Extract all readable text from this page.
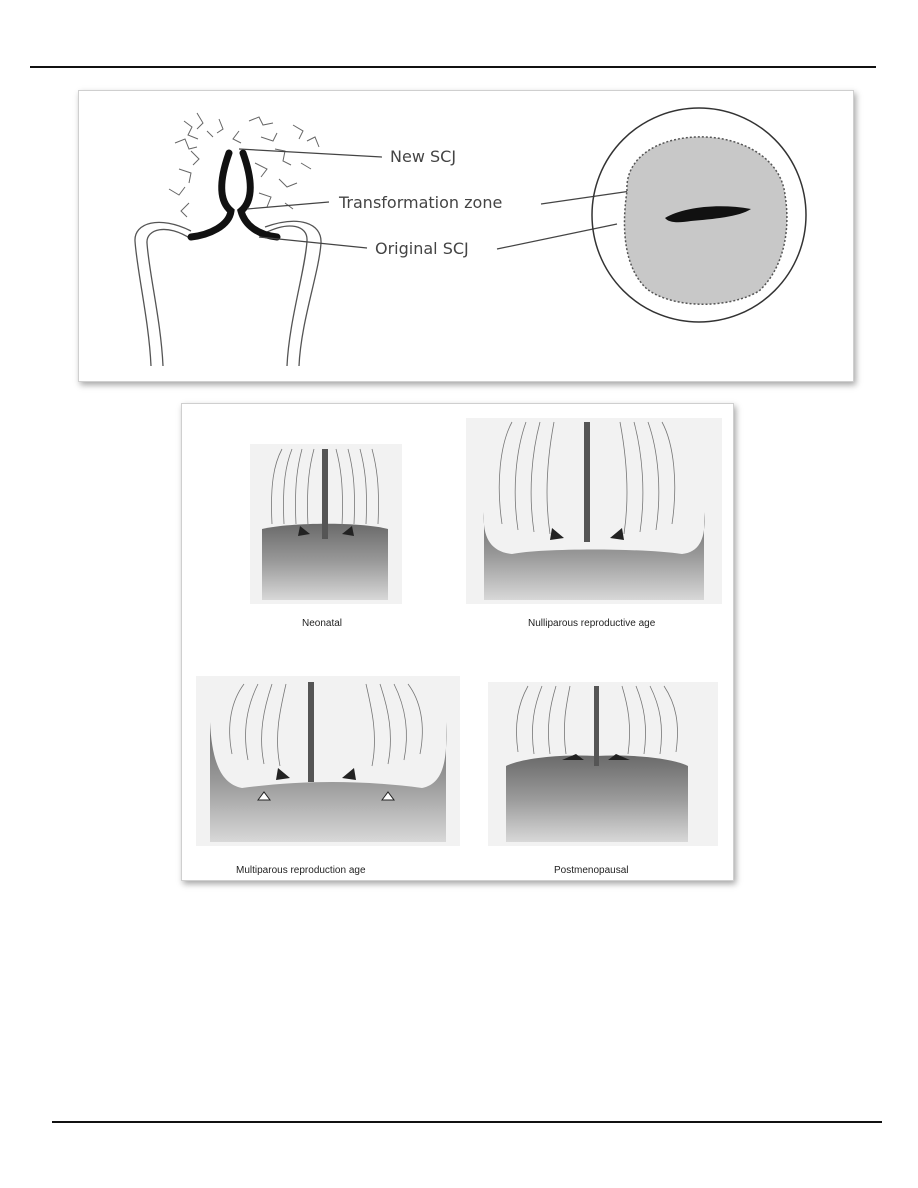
New SCJ
Transformation zone
Original SCJ
Neonatal	Nulliparous reproductive age
Multiparous reproduction age	Postmenopausal
